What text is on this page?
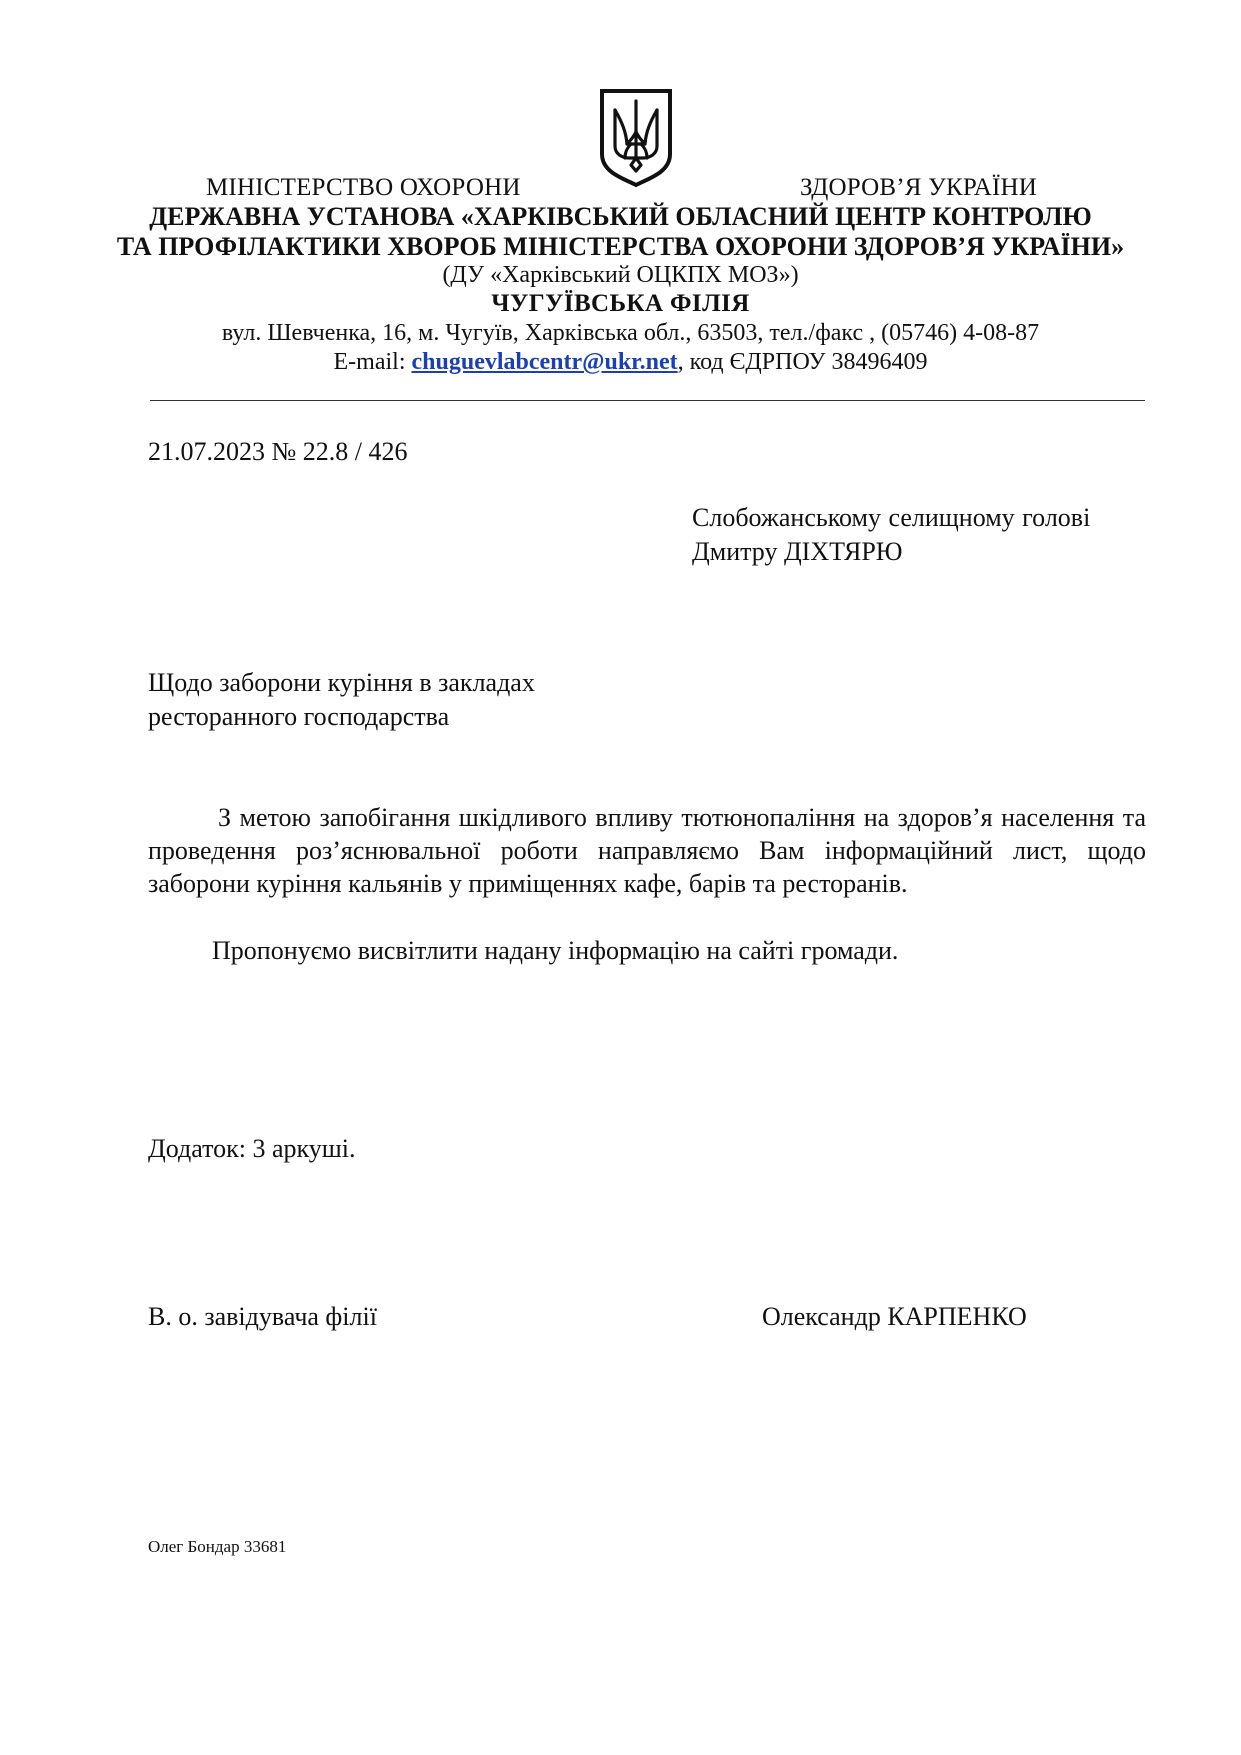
МІНІСТЕРСТВО ОХОРОНИ	ЗДОРОВ’Я УКРАЇНИ

ДЕРЖАВНА УСТАНОВА «ХАРКІВСЬКИЙ ОБЛАСНИЙ ЦЕНТР КОНТРОЛЮ

ТА ПРОФІЛАКТИКИ ХВОРОБ МІНІСТЕРСТВА ОХОРОНИ ЗДОРОВ’Я УКРАЇНИ»

(ДУ «Харківський ОЦКПХ МОЗ»)

ЧУГУЇВСЬКА ФІЛІЯ

вул. Шевченка, 16, м. Чугуїв, Харківська обл., 63503, тел./факс , (05746) 4-08-87

E-mail: chuguevlabcentr@ukr.net, код ЄДРПОУ 38496409

21.07.2023 № 22.8 / 426

Слобожанському селищному голові

Дмитру ДІХТЯРЮ

Щодо заборони куріння в закладах

ресторанного господарства

З метою запобігання шкідливого впливу тютюнопаління на здоров’я населення та проведення роз’яснювальної роботи направляємо Вам інформаційний лист, щодо заборони куріння кальянів у приміщеннях кафе, барів та ресторанів.

Пропонуємо висвітлити надану інформацію на сайті громади.

Додаток: 3 аркуші.

В. о. завідувача філії	Олександр КАРПЕНКО

Олег Бондар 33681
